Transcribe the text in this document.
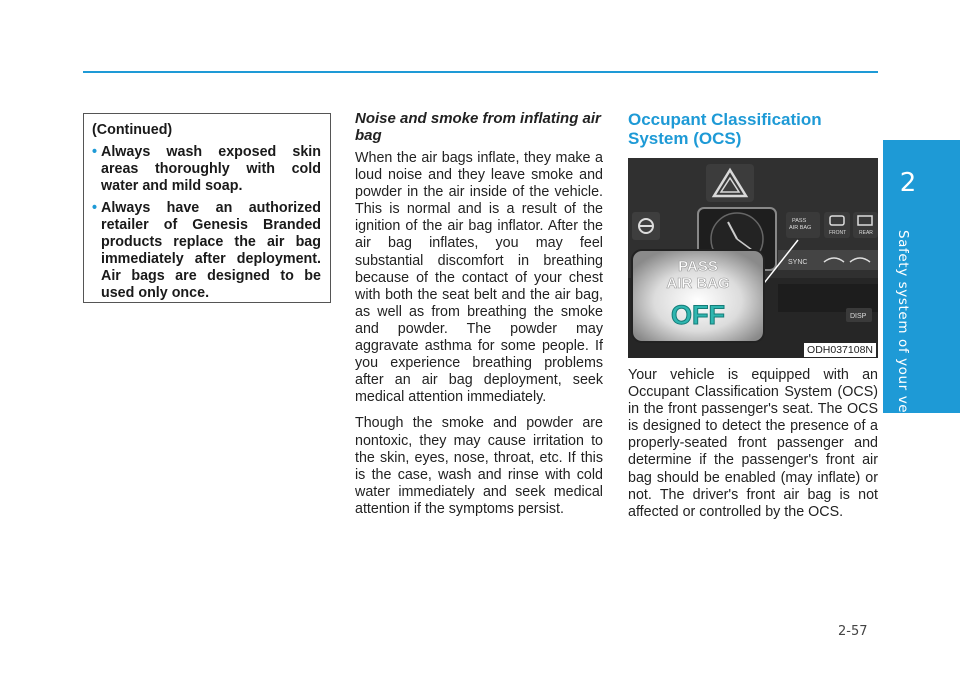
2
Safety system of your vehicle

(Continued)

• Always wash exposed skin areas thoroughly with cold water and mild soap.
• Always have an authorized retailer of Genesis Branded products replace the air bag immediately after deployment. Air bags are designed to be used only once.
Noise and smoke from inflating air bag

When the air bags inflate, they make a loud noise and they leave smoke and powder in the air inside of the vehicle. This is normal and is a result of the ignition of the air bag inflator. After the air bag inflates, you may feel substantial discomfort in breathing because of the contact of your chest with both the seat belt and the air bag, as well as from breathing the smoke and powder. The powder may aggravate asthma for some people. If you experience breathing problems after an air bag deployment, seek medical attention immediately.

Though the smoke and powder are nontoxic, they may cause irritation to the skin, eyes, nose, throat, etc. If this is the case, wash and rinse with cold water immediately and seek medical attention if the symptoms persist.

Occupant Classification System (OCS)
PASS
AIR BAG
FRONT	REAR
SYNC
DISP
PASS
AIR BAG
OFF
ODH037108N

Your vehicle is equipped with an Occupant Classification System (OCS) in the front passenger's seat. The OCS is designed to detect the presence of a properly-seated front passenger and determine if the passenger's front air bag should be enabled (may inflate) or not. The driver's front air bag is not affected or controlled by the OCS.

2-57
